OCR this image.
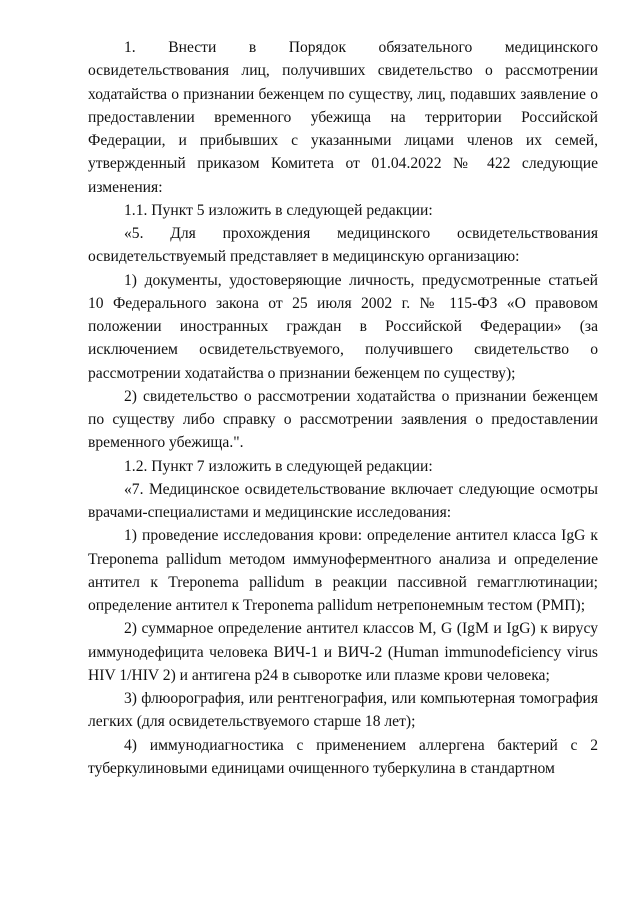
1. Внести в Порядок обязательного медицинского освидетельствования лиц, получивших свидетельство о рассмотрении ходатайства о признании беженцем по существу, лиц, подавших заявление о предоставлении временного убежища на территории Российской Федерации, и прибывших с указанными лицами членов их семей, утвержденный приказом Комитета от 01.04.2022 № 422 следующие изменения:

1.1. Пункт 5 изложить в следующей редакции:

«5. Для прохождения медицинского освидетельствования освидетельствуемый представляет в медицинскую организацию:

1) документы, удостоверяющие личность, предусмотренные статьей 10 Федерального закона от 25 июля 2002 г. № 115-ФЗ «О правовом положении иностранных граждан в Российской Федерации» (за исключением освидетельствуемого, получившего свидетельство о рассмотрении ходатайства о признании беженцем по существу);

2) свидетельство о рассмотрении ходатайства о признании беженцем по существу либо справку о рассмотрении заявления о предоставлении временного убежища.".

1.2. Пункт 7 изложить в следующей редакции:

«7. Медицинское освидетельствование включает следующие осмотры врачами-специалистами и медицинские исследования:

1) проведение исследования крови: определение антител класса IgG к Treponema pallidum методом иммуноферментного анализа и определение антител к Treponema pallidum в реакции пассивной гемагглютинации; определение антител к Treponema pallidum нетрепонемным тестом (РМП);

2) суммарное определение антител классов M, G (IgM и IgG) к вирусу иммунодефицита человека ВИЧ-1 и ВИЧ-2 (Human immunodeficiency virus HIV 1/HIV 2) и антигена p24 в сыворотке или плазме крови человека;

3) флюорография, или рентгенография, или компьютерная томография легких (для освидетельствуемого старше 18 лет);

4) иммунодиагностика с применением аллергена бактерий с 2 туберкулиновыми единицами очищенного туберкулина в стандартном
